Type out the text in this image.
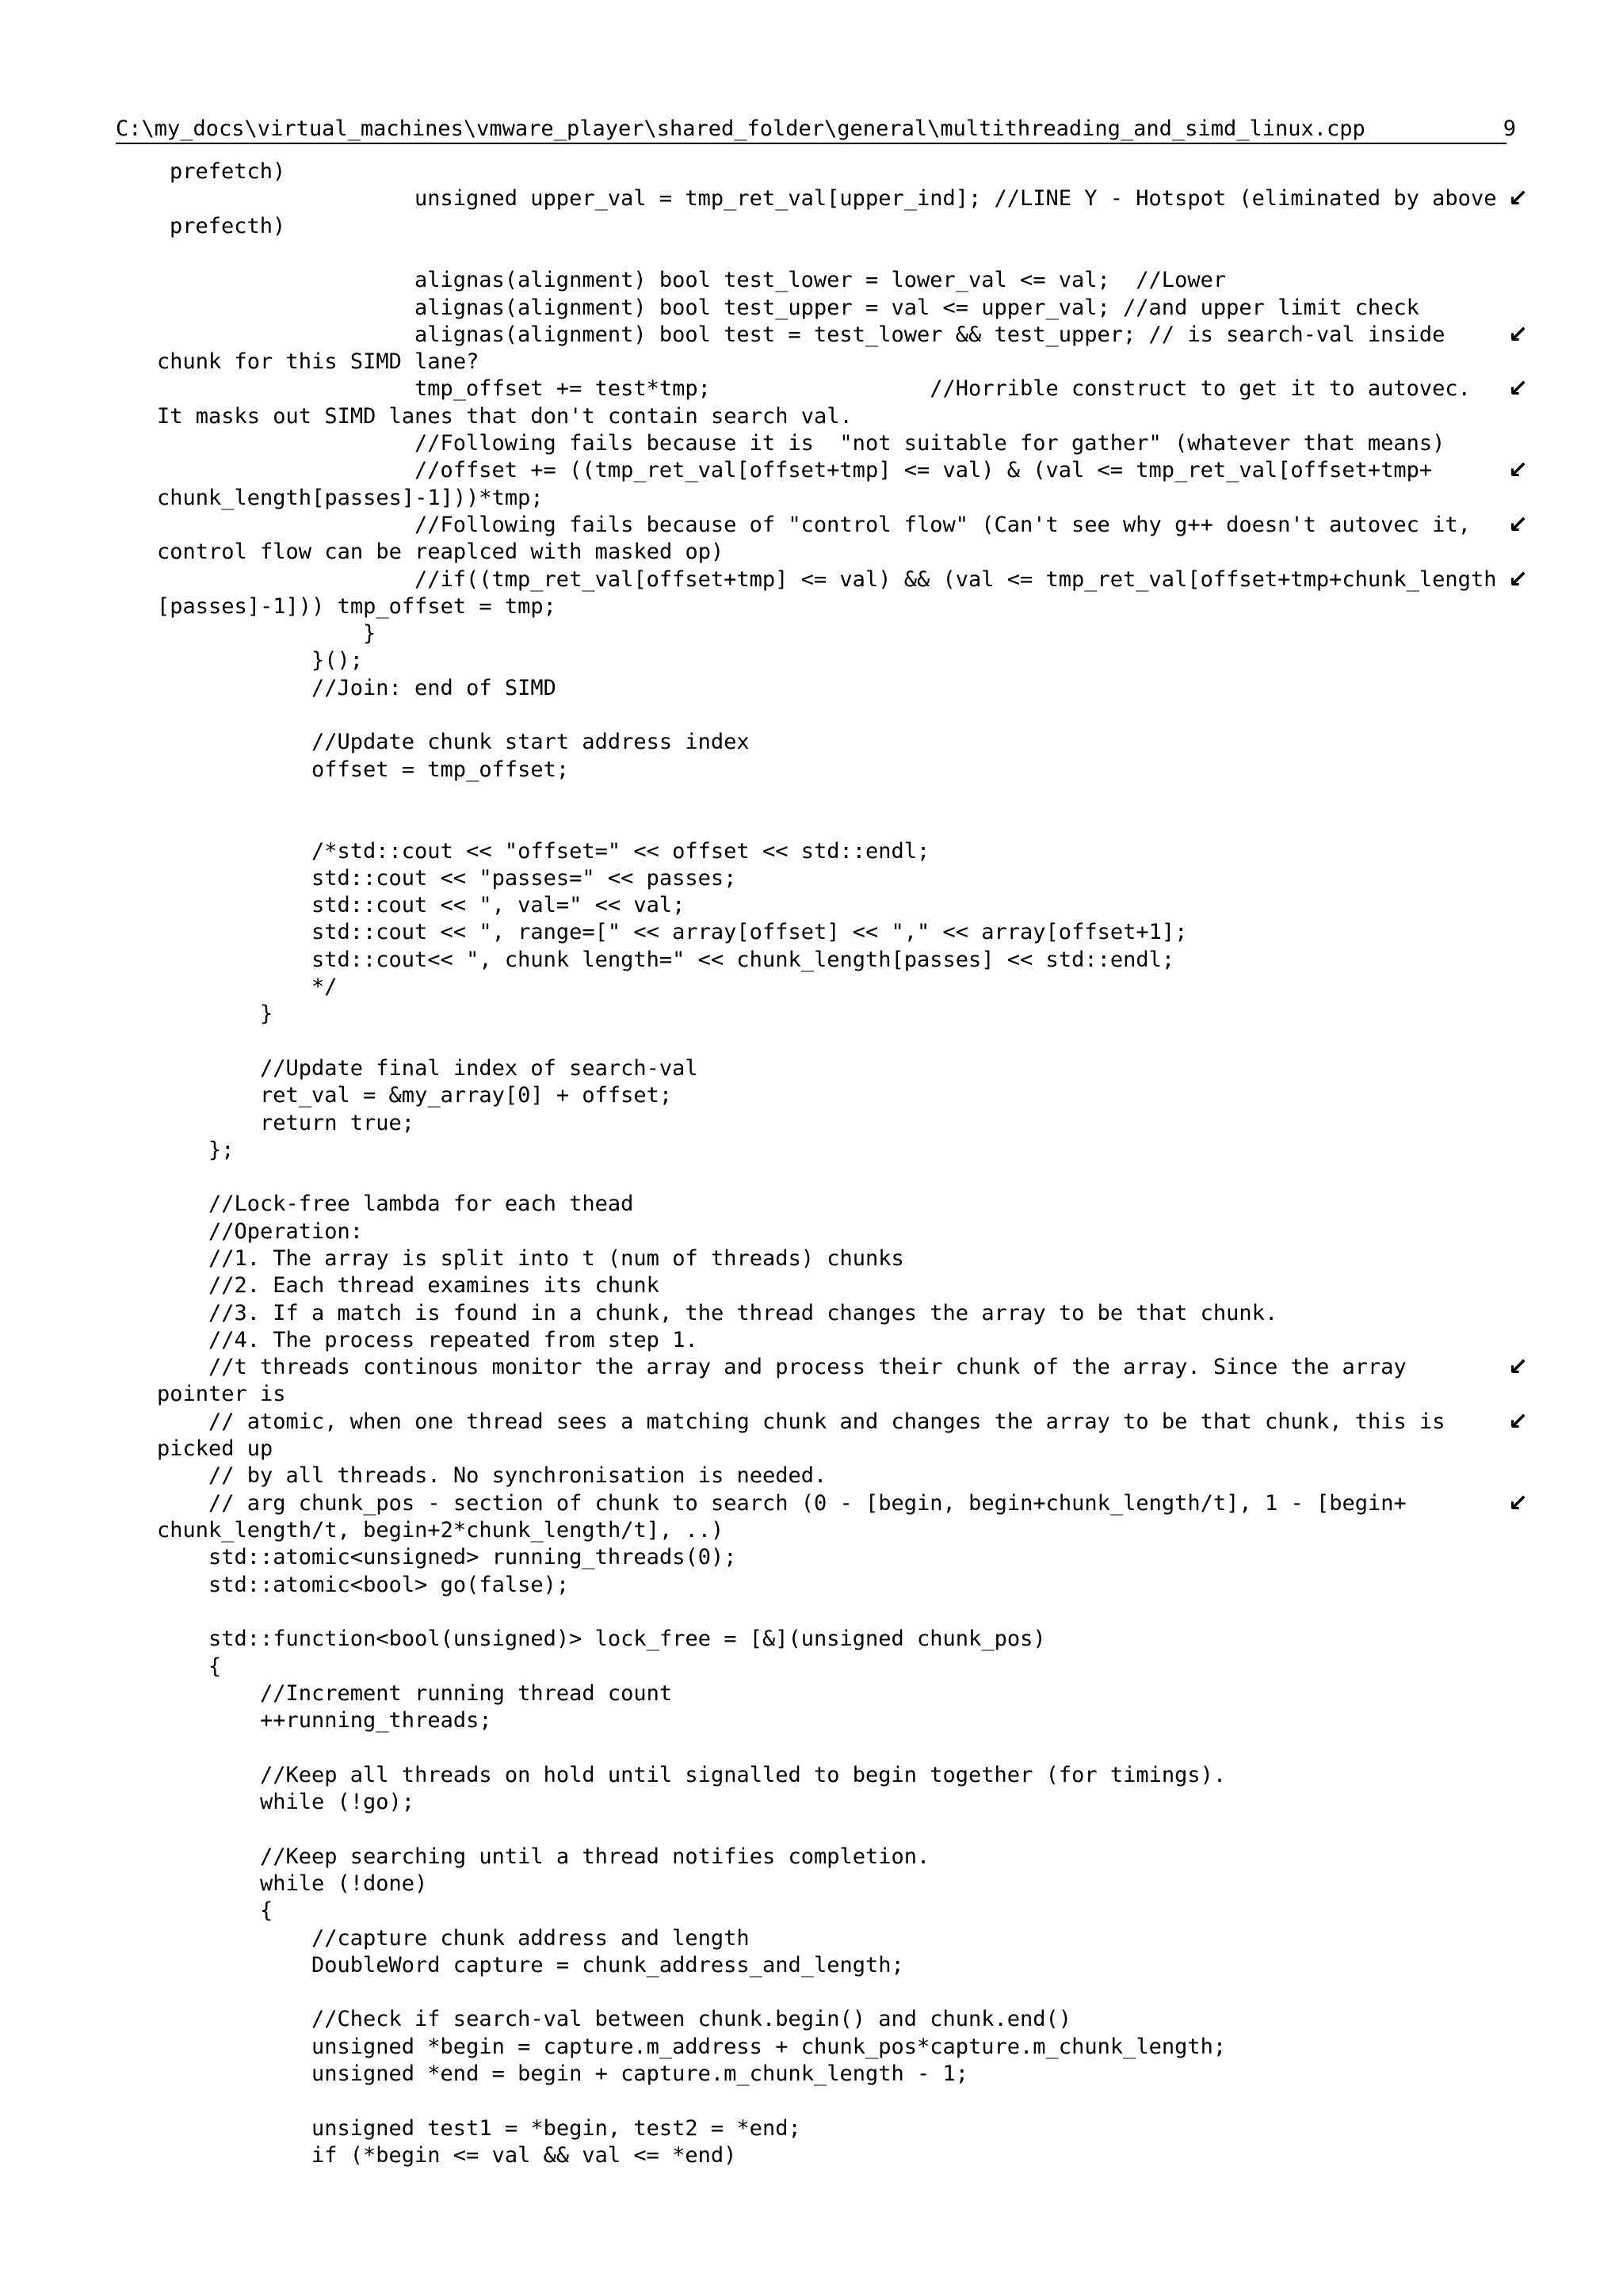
C:\my_docs\virtual_machines\vmware_player\shared_folder\general\multithreading_and_simd_linux.cpp	9
prefetch)
unsigned upper_val = tmp_ret_val[upper_ind]; //LINE Y - Hotspot (eliminated by above ↙
prefecth)
alignas(alignment) bool test_lower = lower_val <= val;  //Lower
alignas(alignment) bool test_upper = val <= upper_val; //and upper limit check
alignas(alignment) bool test = test_lower && test_upper; // is search-val inside	↙
chunk for this SIMD lane?
tmp_offset += test*tmp;                 //Horrible construct to get it to autovec. ↙
It masks out SIMD lanes that don't contain search val.
//Following fails because it is  "not suitable for gather" (whatever that means)
//offset += ((tmp_ret_val[offset+tmp] <= val) & (val <= tmp_ret_val[offset+tmp+	↙
chunk_length[passes]-1]))*tmp;
//Following fails because of "control flow" (Can't see why g++ doesn't autovec it, ↙
control flow can be reaplced with masked op)
//if((tmp_ret_val[offset+tmp] <= val) && (val <= tmp_ret_val[offset+tmp+chunk_length ↙
[passes]-1])) tmp_offset = tmp;
}
}();
//Join: end of SIMD
//Update chunk start address index
offset = tmp_offset;
/*std::cout << "offset=" << offset << std::endl;
std::cout << "passes=" << passes;
std::cout << ", val=" << val;
std::cout << ", range=[" << array[offset] << "," << array[offset+1];
std::cout<< ", chunk length=" << chunk_length[passes] << std::endl;
*/
}
//Update final index of search-val
ret_val = &my_array[0] + offset;
return true;
};
//Lock-free lambda for each thead
//Operation:
//1. The array is split into t (num of threads) chunks
//2. Each thread examines its chunk
//3. If a match is found in a chunk, the thread changes the array to be that chunk.
//4. The process repeated from step 1.
//t threads continous monitor the array and process their chunk of the array. Since the array	↙
pointer is
// atomic, when one thread sees a matching chunk and changes the array to be that chunk, this is	↙
picked up
// by all threads. No synchronisation is needed.
// arg chunk_pos - section of chunk to search (0 - [begin, begin+chunk_length/t], 1 - [begin+	↙
chunk_length/t, begin+2*chunk_length/t], ..)
std::atomic<unsigned> running_threads(0);
std::atomic<bool> go(false);
std::function<bool(unsigned)> lock_free = [&](unsigned chunk_pos)
{
//Increment running thread count
++running_threads;
//Keep all threads on hold until signalled to begin together (for timings).
while (!go);
//Keep searching until a thread notifies completion.
while (!done)
{
//capture chunk address and length
DoubleWord capture = chunk_address_and_length;
//Check if search-val between chunk.begin() and chunk.end()
unsigned *begin = capture.m_address + chunk_pos*capture.m_chunk_length;
unsigned *end = begin + capture.m_chunk_length - 1;
unsigned test1 = *begin, test2 = *end;
if (*begin <= val && val <= *end)
